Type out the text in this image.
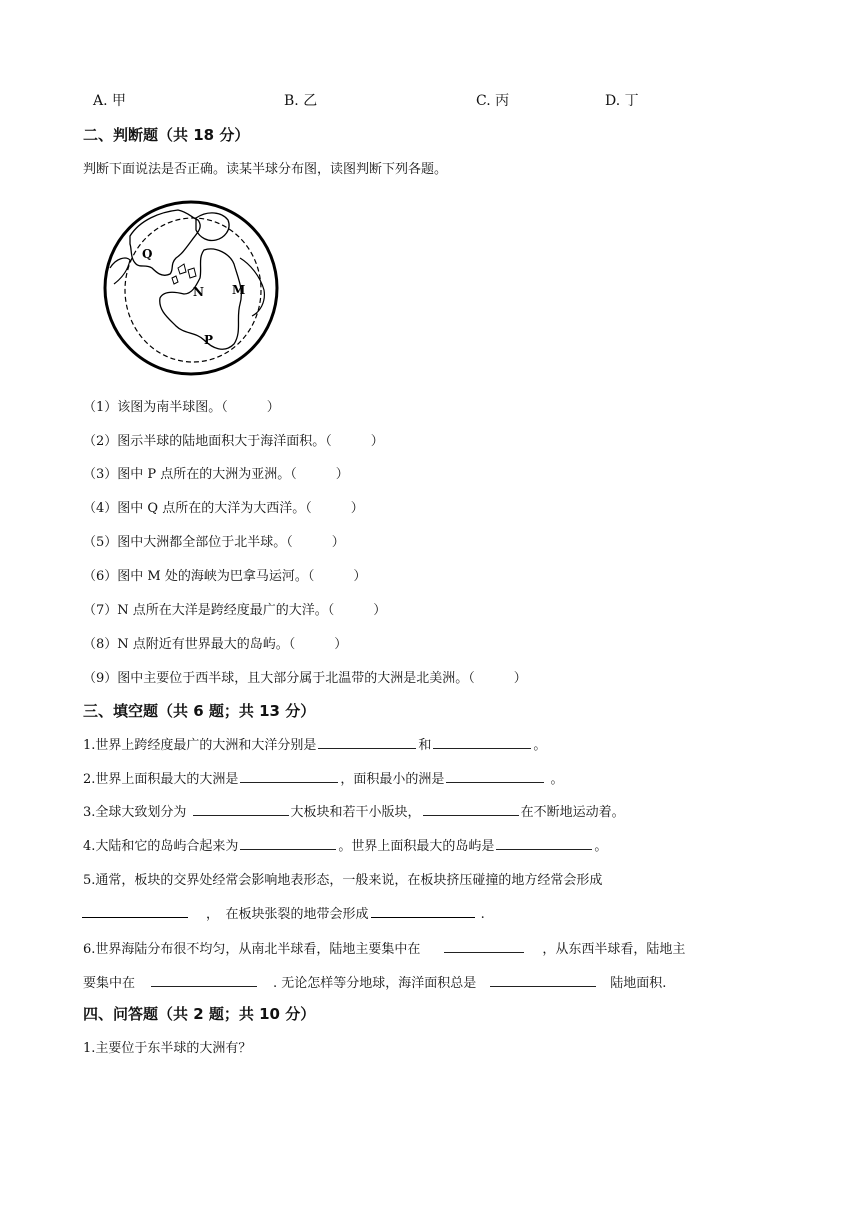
A. 甲	B. 乙	C. 丙	D. 丁
二、判断题（共 18 分）
判断下面说法是否正确。读某半球分布图，读图判断下列各题。
Q
N M
P
（1）该图为南半球图。（　　　）
（2）图示半球的陆地面积大于海洋面积。（　　　）
（3）图中 P 点所在的大洲为亚洲。（　　　）
（4）图中 Q 点所在的大洋为大西洋。（　　　）
（5）图中大洲都全部位于北半球。（　　　）
（6）图中 M 处的海峡为巴拿马运河。（　　　）
（7）N 点所在大洋是跨经度最广的大洋。（　　　）
（8）N 点附近有世界最大的岛屿。（　　　）
（9）图中主要位于西半球，且大部分属于北温带的大洲是北美洲。（　　　）
三、填空题（共 6 题；共 13 分）
1.世界上跨经度最广的大洲和大洋分别是	和	。
2.世界上面积最大的大洲是	，面积最小的洲是	。
3.全球大致划分为	大板块和若干小版块，	在不断地运动着。
4.大陆和它的岛屿合起来为	。世界上面积最大的岛屿是	。
5.通常，板块的交界处经常会影响地表形态，一般来说，在板块挤压碰撞的地方经常会形成
，　在板块张裂的地带会形成	.
6.世界海陆分布很不均匀，从南北半球看，陆地主要集中在	，从东西半球看，陆地主
要集中在	. 无论怎样等分地球，海洋面积总是	陆地面积.
四、问答题（共 2 题；共 10 分）
1.主要位于东半球的大洲有？
